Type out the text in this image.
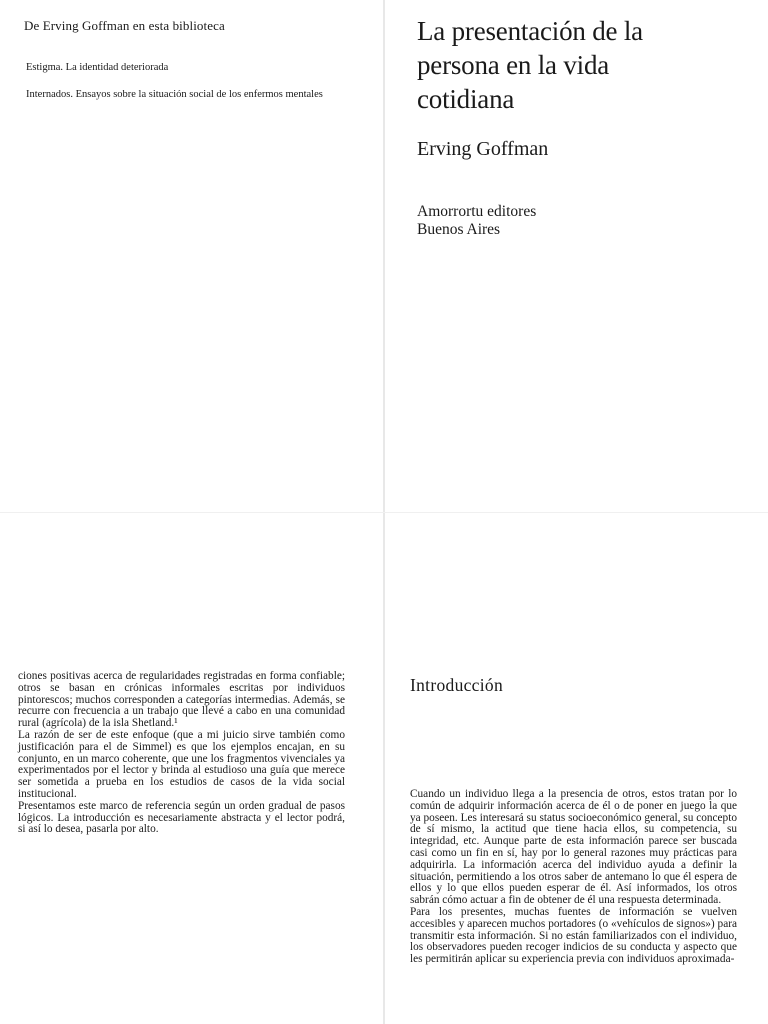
De Erving Goffman en esta biblioteca
Estigma. La identidad deteriorada
Internados. Ensayos sobre la situación social de los enfermos mentales
La presentación de la
persona en la vida
cotidiana
Erving Goffman
Amorrortu editores
Buenos Aires

ciones positivas acerca de regularidades registradas en forma confiable; otros se basan en crónicas informales escritas por individuos pintorescos; muchos corresponden a categorías intermedias. Además, se recurre con frecuencia a un trabajo que llevé a cabo en una comunidad rural (agrícola) de la isla Shetland.¹

La razón de ser de este enfoque (que a mi juicio sirve también como justificación para el de Simmel) es que los ejemplos encajan, en su conjunto, en un marco coherente, que une los fragmentos vivenciales ya experimentados por el lector y brinda al estudioso una guía que merece ser sometida a prueba en los estudios de casos de la vida social institucional.

Presentamos este marco de referencia según un orden gradual de pasos lógicos. La introducción es necesariamente abstracta y el lector podrá, si así lo desea, pasarla por alto.

Introducción

Cuando un individuo llega a la presencia de otros, estos tratan por lo común de adquirir información acerca de él o de poner en juego la que ya poseen. Les interesará su status socioeconómico general, su concepto de sí mismo, la actitud que tiene hacia ellos, su competencia, su integridad, etc. Aunque parte de esta información parece ser buscada casi como un fin en sí, hay por lo general razones muy prácticas para adquirirla. La información acerca del individuo ayuda a definir la situación, permitiendo a los otros saber de antemano lo que él espera de ellos y lo que ellos pueden esperar de él. Así informados, los otros sabrán cómo actuar a fin de obtener de él una respuesta determinada.

Para los presentes, muchas fuentes de información se vuelven accesibles y aparecen muchos portadores (o «vehículos de signos») para transmitir esta información. Si no están familiarizados con el individuo, los observadores pueden recoger indicios de su conducta y aspecto que les permitirán aplicar su experiencia previa con individuos aproximada-
